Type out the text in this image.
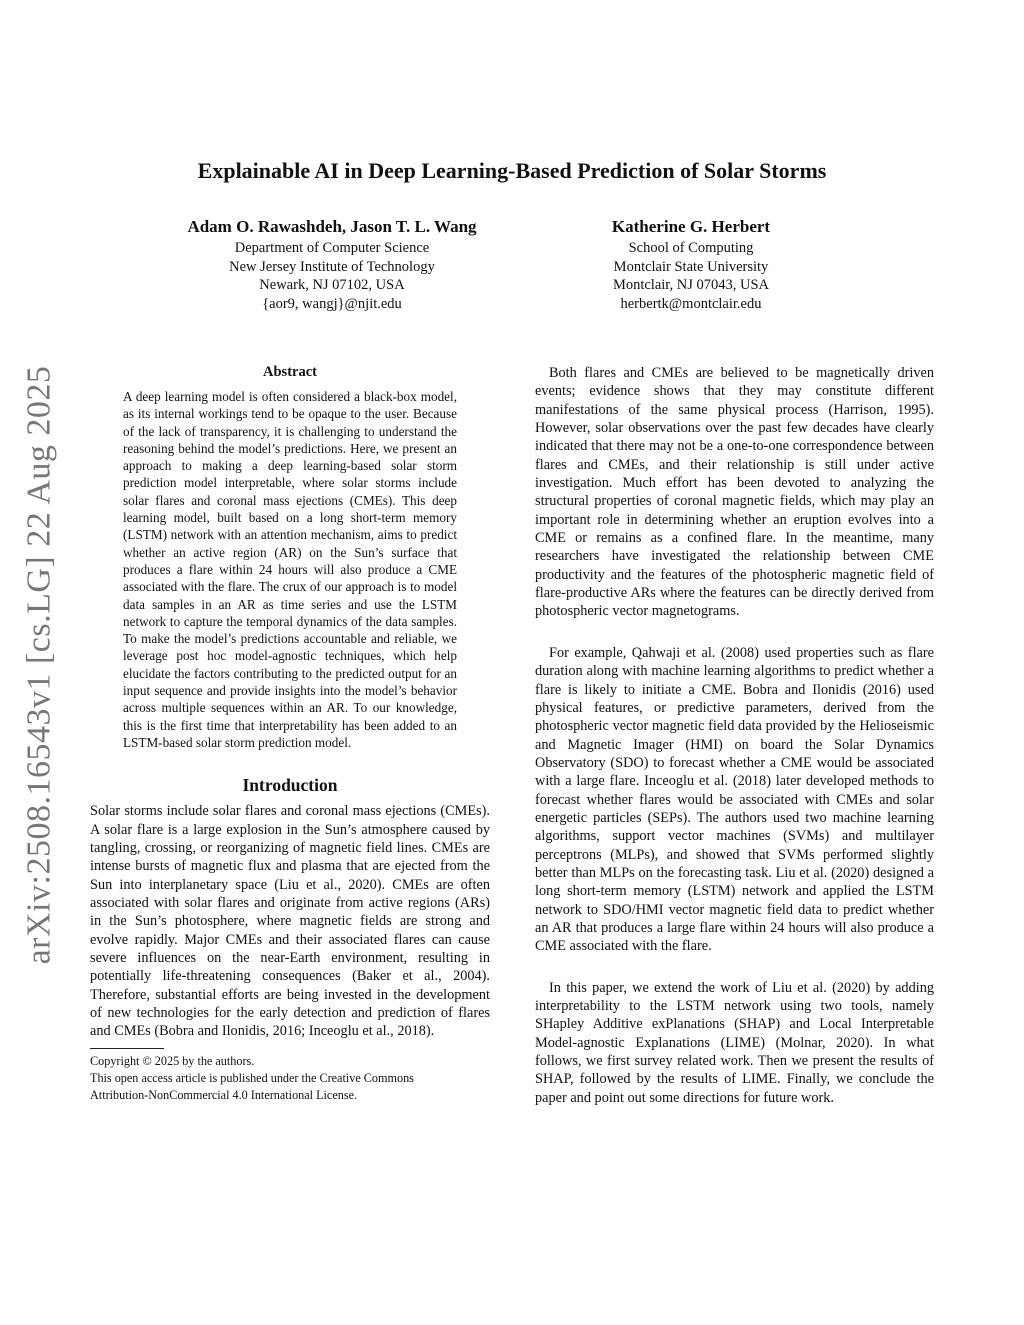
arXiv:2508.16543v1 [cs.LG] 22 Aug 2025
Explainable AI in Deep Learning-Based Prediction of Solar Storms
Adam O. Rawashdeh, Jason T. L. Wang
Department of Computer Science
New Jersey Institute of Technology
Newark, NJ 07102, USA
{aor9, wangj}@njit.edu
Katherine G. Herbert
School of Computing
Montclair State University
Montclair, NJ 07043, USA
herbertk@montclair.edu
Abstract
A deep learning model is often considered a black-box model, as its internal workings tend to be opaque to the user. Because of the lack of transparency, it is challenging to understand the reasoning behind the model’s predictions. Here, we present an approach to making a deep learning-based solar storm prediction model interpretable, where solar storms include solar flares and coronal mass ejections (CMEs). This deep learning model, built based on a long short-term memory (LSTM) network with an attention mechanism, aims to predict whether an active region (AR) on the Sun’s surface that produces a flare within 24 hours will also produce a CME associated with the flare. The crux of our approach is to model data samples in an AR as time series and use the LSTM network to capture the temporal dynamics of the data samples. To make the model’s predictions accountable and reliable, we leverage post hoc model-agnostic techniques, which help elucidate the factors contributing to the predicted output for an input sequence and provide insights into the model’s behavior across multiple sequences within an AR. To our knowledge, this is the first time that interpretability has been added to an LSTM-based solar storm prediction model.
Introduction

Solar storms include solar flares and coronal mass ejections (CMEs). A solar flare is a large explosion in the Sun’s atmosphere caused by tangling, crossing, or reorganizing of magnetic field lines. CMEs are intense bursts of magnetic flux and plasma that are ejected from the Sun into interplanetary space (Liu et al., 2020). CMEs are often associated with solar flares and originate from active regions (ARs) in the Sun’s photosphere, where magnetic fields are strong and evolve rapidly. Major CMEs and their associated flares can cause severe influences on the near-Earth environment, resulting in potentially life-threatening consequences (Baker et al., 2004). Therefore, substantial efforts are being invested in the development of new technologies for the early detection and prediction of flares and CMEs (Bobra and Ilonidis, 2016; Inceoglu et al., 2018).

Copyright © 2025 by the authors.
This open access article is published under the Creative Commons
Attribution-NonCommercial 4.0 International License.

Both flares and CMEs are believed to be magnetically driven events; evidence shows that they may constitute different manifestations of the same physical process (Harrison, 1995). However, solar observations over the past few decades have clearly indicated that there may not be a one-to-one correspondence between flares and CMEs, and their relationship is still under active investigation. Much effort has been devoted to analyzing the structural properties of coronal magnetic fields, which may play an important role in determining whether an eruption evolves into a CME or remains as a confined flare. In the meantime, many researchers have investigated the relationship between CME productivity and the features of the photospheric magnetic field of flare-productive ARs where the features can be directly derived from photospheric vector magnetograms.

For example, Qahwaji et al. (2008) used properties such as flare duration along with machine learning algorithms to predict whether a flare is likely to initiate a CME. Bobra and Ilonidis (2016) used physical features, or predictive parameters, derived from the photospheric vector magnetic field data provided by the Helioseismic and Magnetic Imager (HMI) on board the Solar Dynamics Observatory (SDO) to forecast whether a CME would be associated with a large flare. Inceoglu et al. (2018) later developed methods to forecast whether flares would be associated with CMEs and solar energetic particles (SEPs). The authors used two machine learning algorithms, support vector machines (SVMs) and multilayer perceptrons (MLPs), and showed that SVMs performed slightly better than MLPs on the forecasting task. Liu et al. (2020) designed a long short-term memory (LSTM) network and applied the LSTM network to SDO/HMI vector magnetic field data to predict whether an AR that produces a large flare within 24 hours will also produce a CME associated with the flare.

In this paper, we extend the work of Liu et al. (2020) by adding interpretability to the LSTM network using two tools, namely SHapley Additive exPlanations (SHAP) and Local Interpretable Model-agnostic Explanations (LIME) (Molnar, 2020). In what follows, we first survey related work. Then we present the results of SHAP, followed by the results of LIME. Finally, we conclude the paper and point out some directions for future work.
